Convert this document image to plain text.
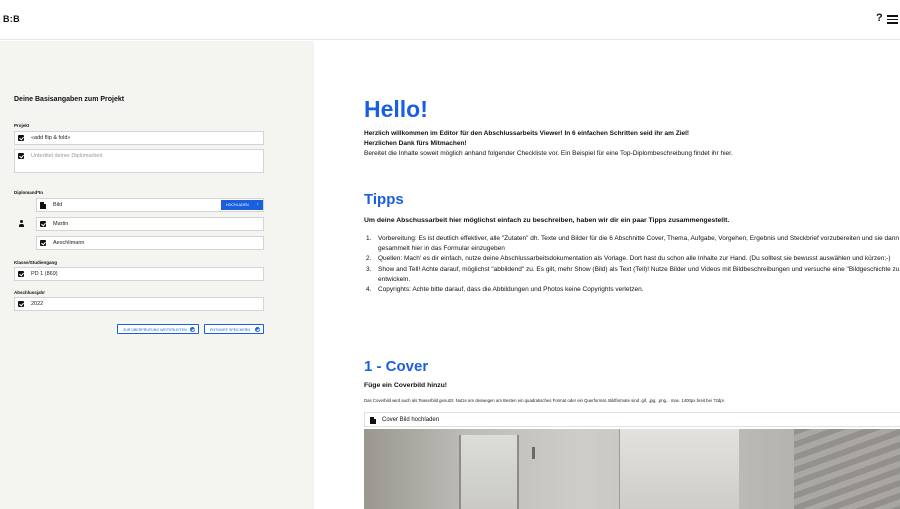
B:B	?
Deine Basisangaben zum Projekt
Projekt
«add flip & fold»
Untertitel deiner Diplomarbeit
Diplomand*In
Bild	HOCHLADEN ↑
Martin
Aeschlimann
Klasse/Studiengang
PD 1 (869)
Abschlussjahr
2022
ZUR ÜBERPRÜFUNG WEITERLEITEN	ENTWURF SPEICHERN
Hello!
Herzlich willkommen im Editor für den Abschlussarbeits Viewer! In 6 einfachen Schritten seid ihr am Ziel!
Herzlichen Dank fürs Mitmachen!
Bereitet die Inhalte soweit möglich anhand folgender Checkliste vor. Ein Beispiel für eine Top-Diplombeschreibung findet ihr hier.
Tipps
Um deine Abschussarbeit hier möglichst einfach zu beschreiben, haben wir dir ein paar Tipps zusammengestellt.
1. Vorbereitung: Es ist deutlich effektiver, alle "Zutaten" dh. Texte und Bilder für die 6 Abschnitte Cover, Thema, Aufgabe, Vorgehen, Ergebnis und Steckbrief vorzubereiten und sie dann gesammelt hier in das Formular einzugeben
2. Quellen: Mach' es dir einfach, nutze deine Abschlussarbeitsdokumentation als Vorlage. Dort hast du schon alle Inhalte zur Hand. (Du solltest sie bewusst auswählen und kürzen;-)
3. Show and Tell! Achte darauf, möglichst "abbildend" zu. Es gilt, mehr Show (Bild) als Text (Tell)! Nutze Bilder und Videos mit Bildbeschreibungen und versuche eine "Bildgeschichte zu entwickeln.
4. Copyrights: Achte bitte darauf, dass die Abbildungen und Photos keine Copyrights verletzen.
1 - Cover
Füge ein Coverbild hinzu!
Das Coverbild wird auch als Teaserbild genutzt. Nutze am deswegen am Besten ein quadratisches Format oder ein Querformat. Bildformate sind .gif, .jpg, .png... max. 1400px breit bei 72dpi.
Cover Bild hochladen
